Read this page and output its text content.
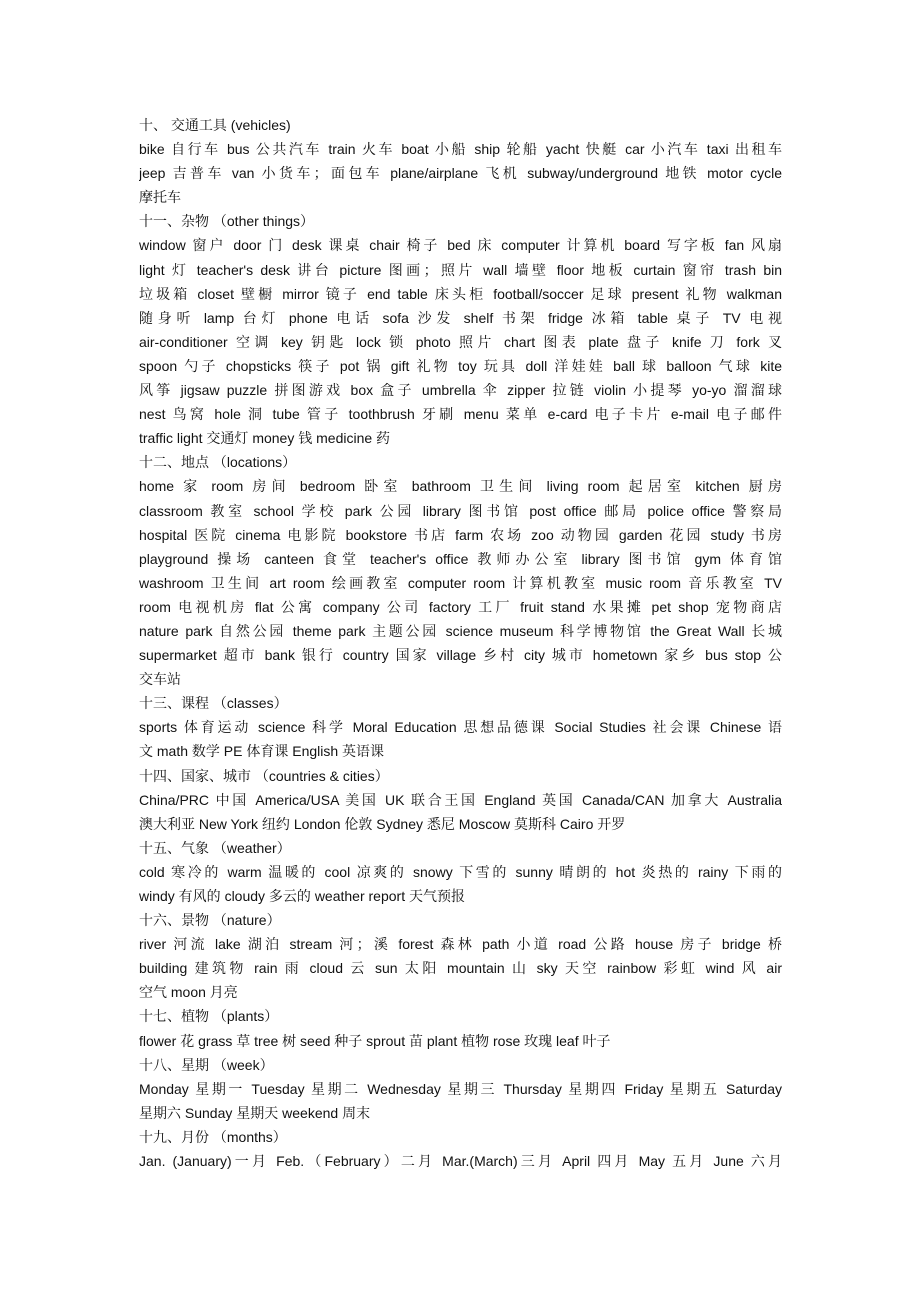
十、 交通工具 (vehicles)
bike 自行车 bus 公共汽车 train 火车 boat 小船 ship 轮船 yacht 快艇 car 小汽车 taxi 出租车
jeep 吉普车 van 小货车；面包车 plane/airplane 飞机 subway/underground 地铁 motor cycle
摩托车
十一、杂物 （other things）
window 窗户 door 门 desk 课桌 chair 椅子 bed 床 computer 计算机 board 写字板 fan 风扇
light 灯 teacher's desk 讲台 picture 图画；照片 wall 墙壁 floor 地板 curtain 窗帘 trash bin
垃圾箱 closet 壁橱 mirror 镜子 end table 床头柜 football/soccer 足球 present 礼物 walkman
随身听 lamp 台灯 phone 电话 sofa 沙发 shelf 书架 fridge 冰箱 table 桌子 TV 电视
air-conditioner 空调 key 钥匙 lock 锁 photo 照片 chart 图表 plate 盘子 knife 刀 fork 叉
spoon 勺子 chopsticks 筷子 pot 锅 gift 礼物 toy 玩具 doll 洋娃娃 ball 球 balloon 气球 kite
风筝 jigsaw puzzle 拼图游戏 box 盒子 umbrella 伞 zipper 拉链 violin 小提琴 yo-yo 溜溜球
nest 鸟窝 hole 洞 tube 管子 toothbrush 牙刷 menu 菜单 e-card 电子卡片 e-mail 电子邮件
traffic light 交通灯 money 钱 medicine 药
十二、地点 （locations）
home 家 room 房间 bedroom 卧室 bathroom 卫生间 living room 起居室 kitchen 厨房
classroom 教室 school 学校 park 公园 library 图书馆 post office 邮局 police office 警察局
hospital 医院 cinema 电影院 bookstore 书店 farm 农场 zoo 动物园 garden 花园 study 书房
playground 操场 canteen 食堂 teacher's office 教师办公室 library 图书馆 gym 体育馆
washroom 卫生间 art room 绘画教室 computer room 计算机教室 music room 音乐教室 TV
room 电视机房 flat 公寓 company 公司 factory 工厂 fruit stand 水果摊 pet shop 宠物商店
nature park 自然公园 theme park 主题公园 science museum 科学博物馆 the Great Wall 长城
supermarket 超市 bank 银行 country 国家 village 乡村 city 城市 hometown 家乡 bus stop 公
交车站
十三、课程 （classes）
sports 体育运动 science 科学 Moral Education 思想品德课 Social Studies 社会课 Chinese 语
文 math 数学 PE 体育课 English 英语课
十四、国家、城市 （countries & cities）
China/PRC 中国 America/USA 美国 UK 联合王国 England 英国 Canada/CAN 加拿大 Australia
澳大利亚 New York 纽约 London 伦敦 Sydney 悉尼 Moscow 莫斯科 Cairo 开罗
十五、气象 （weather）
cold 寒冷的 warm 温暖的 cool 凉爽的 snowy 下雪的 sunny 晴朗的 hot 炎热的 rainy 下雨的
windy 有风的 cloudy 多云的 weather report 天气预报
十六、景物 （nature）
river 河流 lake 湖泊 stream 河；溪 forest 森林 path 小道 road 公路 house 房子 bridge 桥
building 建筑物 rain 雨 cloud 云 sun 太阳 mountain 山 sky 天空 rainbow 彩虹 wind 风 air
空气 moon 月亮
十七、植物 （plants）
flower 花 grass 草 tree 树 seed 种子 sprout 苗 plant 植物 rose 玫瑰 leaf 叶子
十八、星期 （week）
Monday 星期一 Tuesday 星期二 Wednesday 星期三 Thursday 星期四 Friday 星期五 Saturday
星期六 Sunday 星期天 weekend 周末
十九、月份 （months）
Jan. (January)一月 Feb.（February）二月 Mar.(March)三月 April 四月 May 五月 June 六月
